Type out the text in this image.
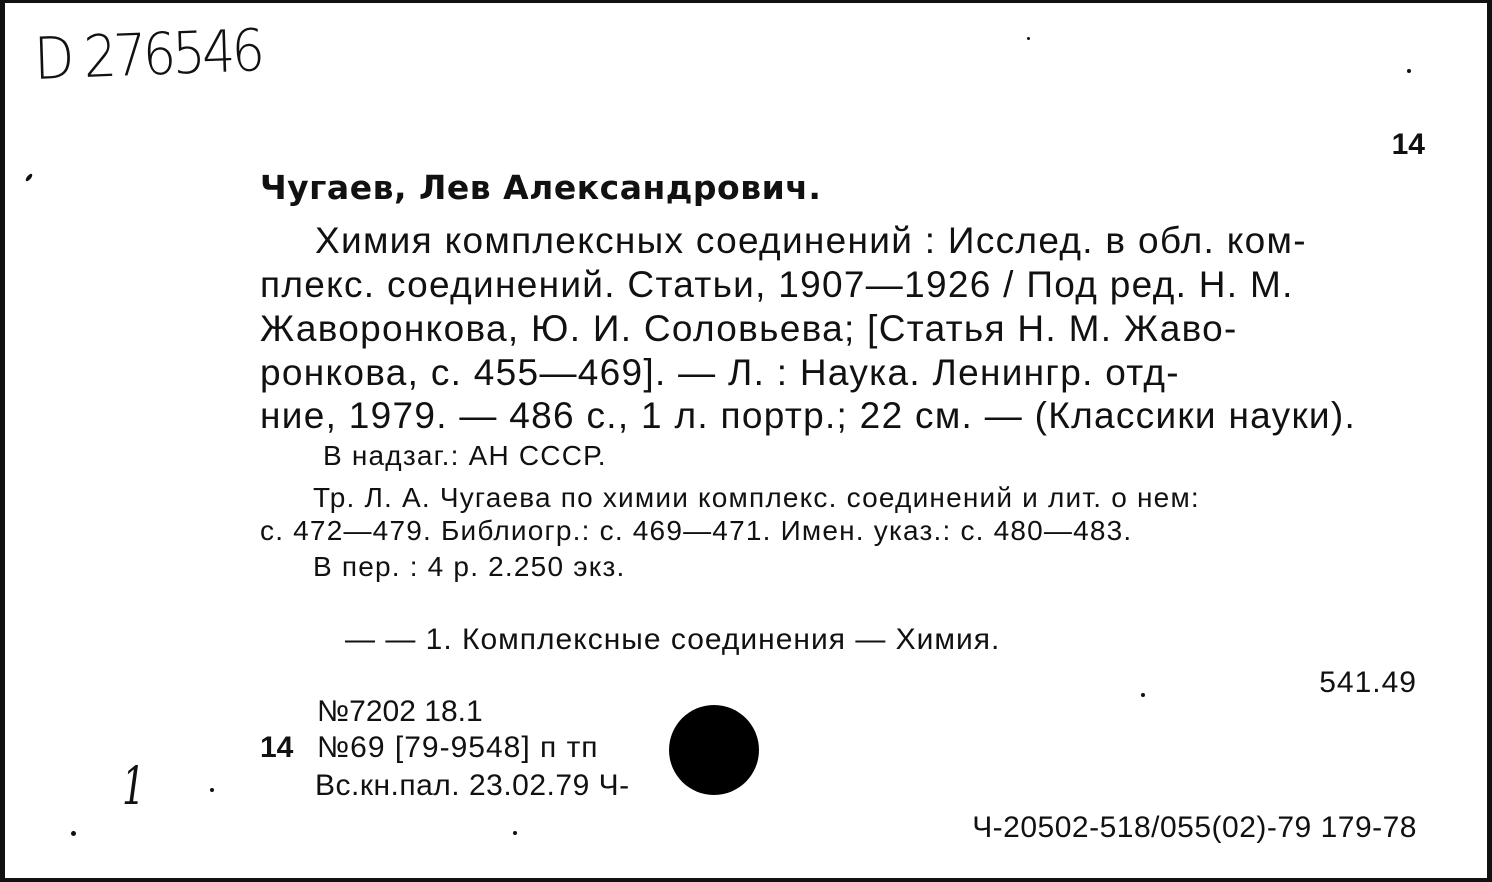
D 276546
14
Чугаев, Лев Александрович.
Химия комплексных соединений : Исслед. в обл. ком-
плекс. соединений. Статьи, 1907—1926 / Под ред. Н. М.
Жаворонкова, Ю. И. Соловьева; [Статья Н. М. Жаво-
ронкова, с. 455—469]. — Л. : Наука. Ленингр. отд-
ние, 1979. — 486 с., 1 л. портр.; 22 см. — (Классики науки).
В надзаг.: АН СССР.
Тр. Л. А. Чугаева по химии комплекс. соединений и лит. о нем:
с. 472—479. Библиогр.: с. 469—471. Имен. указ.: с. 480—483.
В пер. : 4 р. 2.250 экз.
— — 1. Комплексные соединения — Химия.
541.49
№7202 18.1
14 №69 [79-9548] п тп
Вс.кн.пал. 23.02.79 Ч-
Ч-20502-518/055(02)-79 179-78
1
